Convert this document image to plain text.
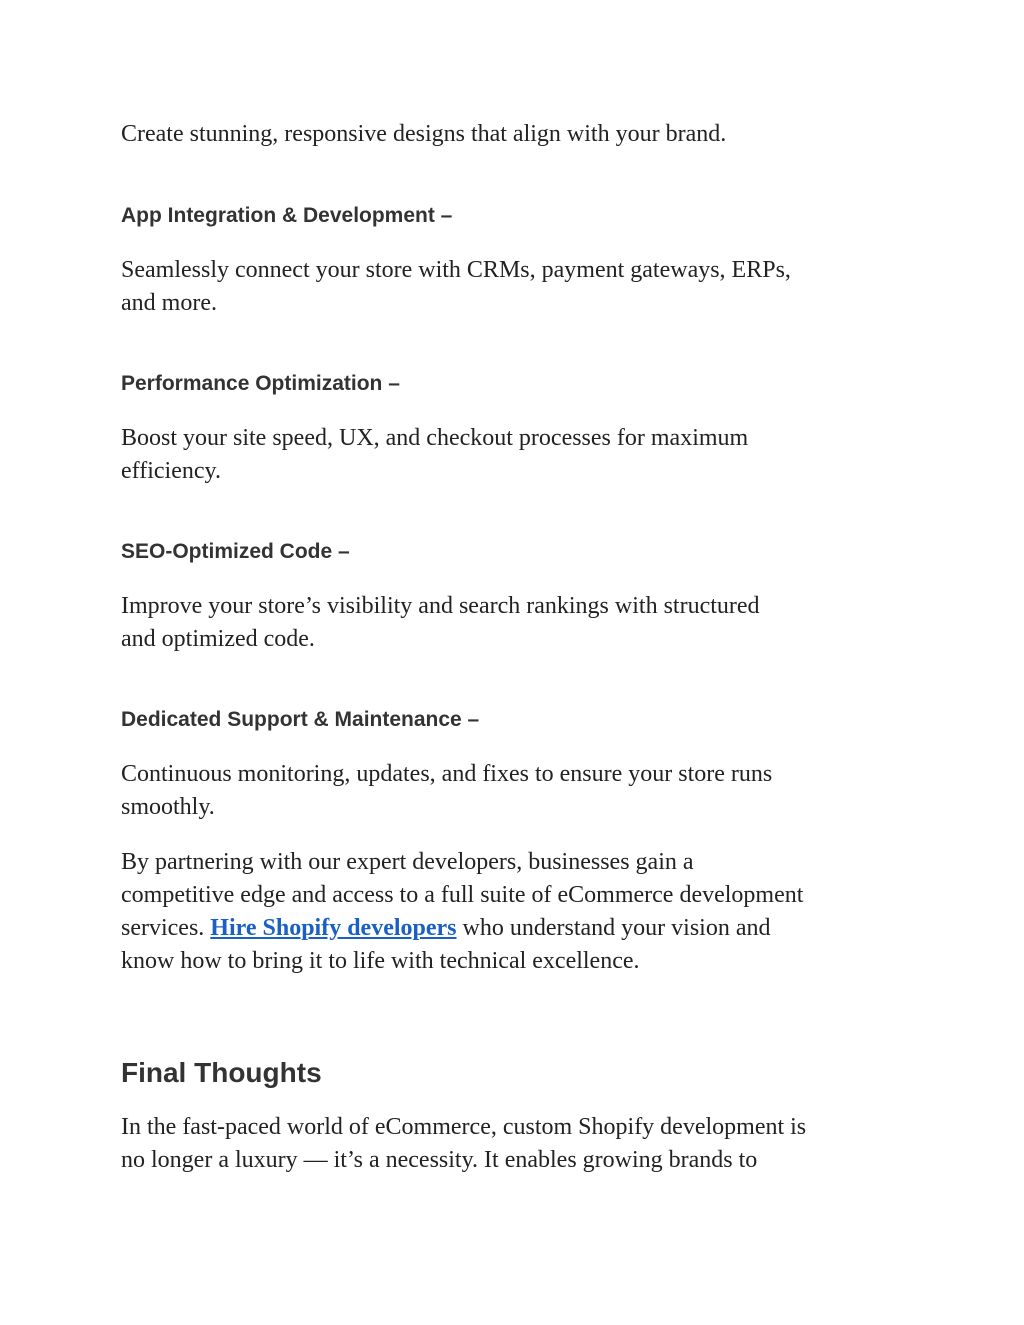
Create stunning, responsive designs that align with your brand.

App Integration & Development –

Seamlessly connect your store with CRMs, payment gateways, ERPs,
and more.

Performance Optimization –

Boost your site speed, UX, and checkout processes for maximum
efficiency.

SEO-Optimized Code –

Improve your store’s visibility and search rankings with structured
and optimized code.

Dedicated Support & Maintenance –

Continuous monitoring, updates, and fixes to ensure your store runs
smoothly.

By partnering with our expert developers, businesses gain a
competitive edge and access to a full suite of eCommerce development
services. Hire Shopify developers who understand your vision and
know how to bring it to life with technical excellence.

Final Thoughts

In the fast-paced world of eCommerce, custom Shopify development is
no longer a luxury — it’s a necessity. It enables growing brands to
